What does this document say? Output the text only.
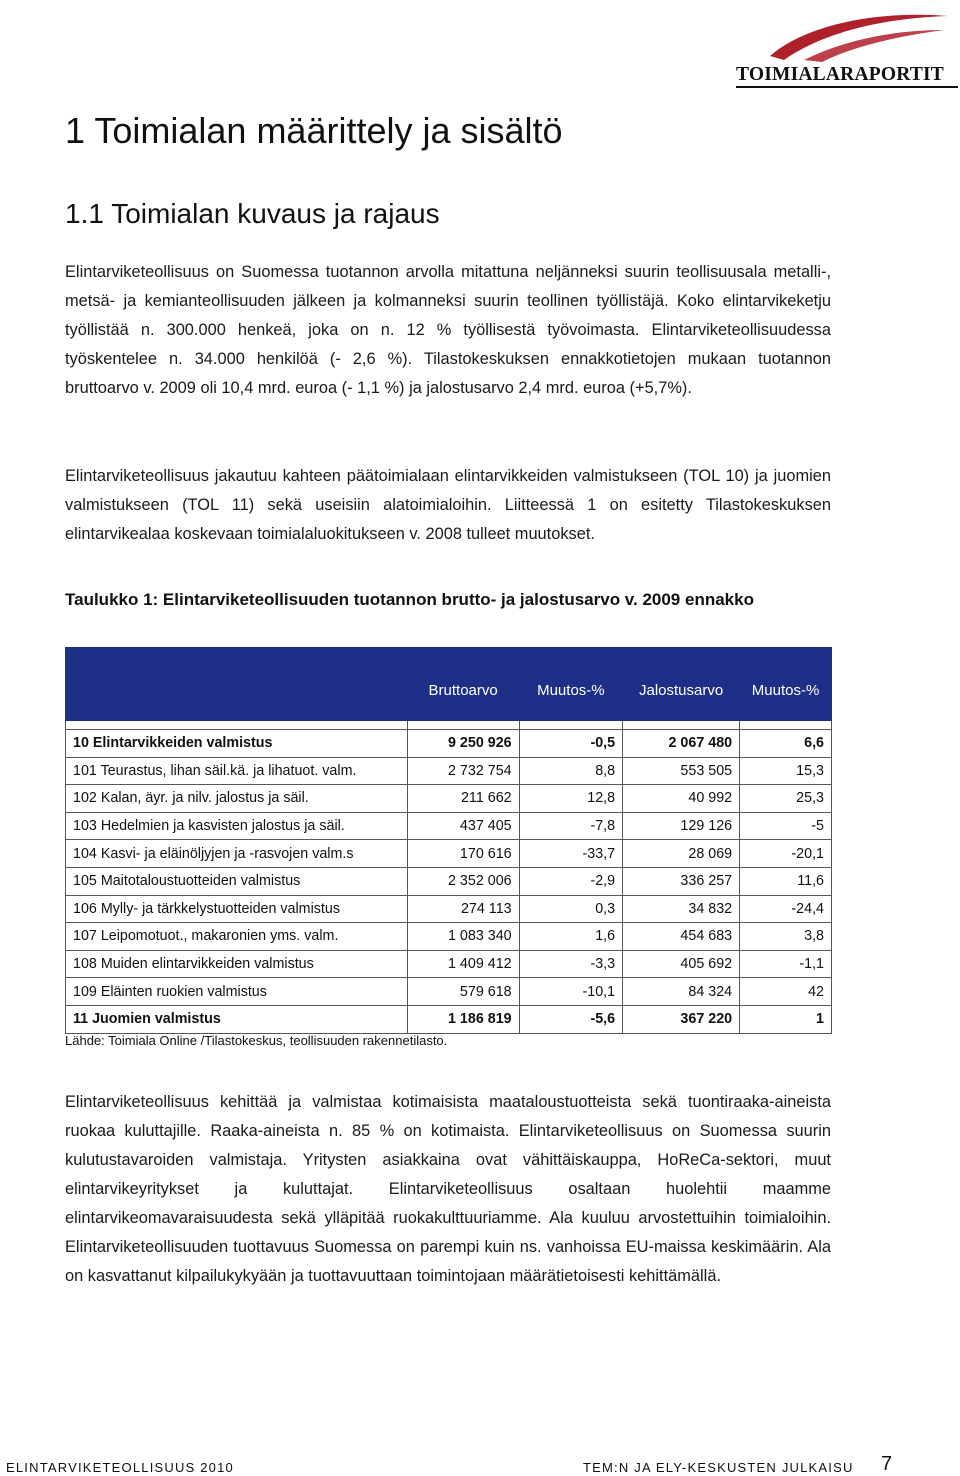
TOIMIALARAPORTIT
1 Toimialan määrittely ja sisältö
1.1 Toimialan kuvaus ja rajaus

Elintarviketeollisuus on Suomessa tuotannon arvolla mitattuna neljänneksi suurin teollisuusala metalli-, metsä- ja kemianteollisuuden jälkeen ja kolmanneksi suurin teollinen työllistäjä. Koko elintarvikeketju työllistää n. 300.000 henkeä, joka on n. 12 % työllisestä työvoimasta. Elintarviketeollisuudessa työskentelee n. 34.000 henkilöä (- 2,6 %). Tilastokeskuksen ennakkotietojen mukaan tuotannon bruttoarvo v. 2009 oli 10,4 mrd. euroa (- 1,1 %) ja jalostusarvo 2,4 mrd. euroa (+5,7%).

Elintarviketeollisuus jakautuu kahteen päätoimialaan elintarvikkeiden valmistukseen (TOL 10) ja juomien valmistukseen (TOL 11) sekä useisiin alatoimialoihin. Liitteessä 1 on esitetty Tilastokeskuksen elintarvikealaa koskevaan toimialaluokitukseen v. 2008 tulleet muutokset.

Taulukko 1: Elintarviketeollisuuden tuotannon brutto- ja jalostusarvo v. 2009 ennakko

	Bruttoarvo	Muutos-%	Jalostusarvo	Muutos-%

10 Elintarvikkeiden valmistus	9 250 926	-0,5	2 067 480	6,6
101 Teurastus, lihan säil.kä. ja lihatuot. valm.	2 732 754	8,8	553 505	15,3
102 Kalan, äyr. ja nilv. jalostus ja säil.	211 662	12,8	40 992	25,3
103 Hedelmien ja kasvisten jalostus ja säil.	437 405	-7,8	129 126	-5
104 Kasvi- ja eläinöljyjen ja -rasvojen valm.s	170 616	-33,7	28 069	-20,1
105 Maitotaloustuotteiden valmistus	2 352 006	-2,9	336 257	11,6
106 Mylly- ja tärkkelystuotteiden valmistus	274 113	0,3	34 832	-24,4
107 Leipomotuot., makaronien yms. valm.	1 083 340	1,6	454 683	3,8
108 Muiden elintarvikkeiden valmistus	1 409 412	-3,3	405 692	-1,1
109 Eläinten ruokien valmistus	579 618	-10,1	84 324	42
11 Juomien valmistus	1 186 819	-5,6	367 220	1

Lähde: Toimiala Online /Tilastokeskus, teollisuuden rakennetilasto.

Elintarviketeollisuus kehittää ja valmistaa kotimaisista maataloustuotteista sekä tuontiraaka-aineista ruokaa kuluttajille. Raaka-aineista n. 85 % on kotimaista. Elintarviketeollisuus on Suomessa suurin kulutustavaroiden valmistaja. Yritysten asiakkaina ovat vähittäiskauppa, HoReCa-sektori, muut elintarvikeyritykset ja kuluttajat. Elintarviketeollisuus osaltaan huolehtii maamme elintarvikeomavaraisuudesta sekä ylläpitää ruokakulttuuriamme. Ala kuuluu arvostettuihin toimialoihin. Elintarviketeollisuuden tuottavuus Suomessa on parempi kuin ns. vanhoissa EU-maissa keskimäärin. Ala on kasvattanut kilpailukykyään ja tuottavuuttaan toimintojaan määrätietoisesti kehittämällä.

ELINTARVIKETEOLLISUUS 2010	TEM:N JA ELY-KESKUSTEN JULKAISU 7
